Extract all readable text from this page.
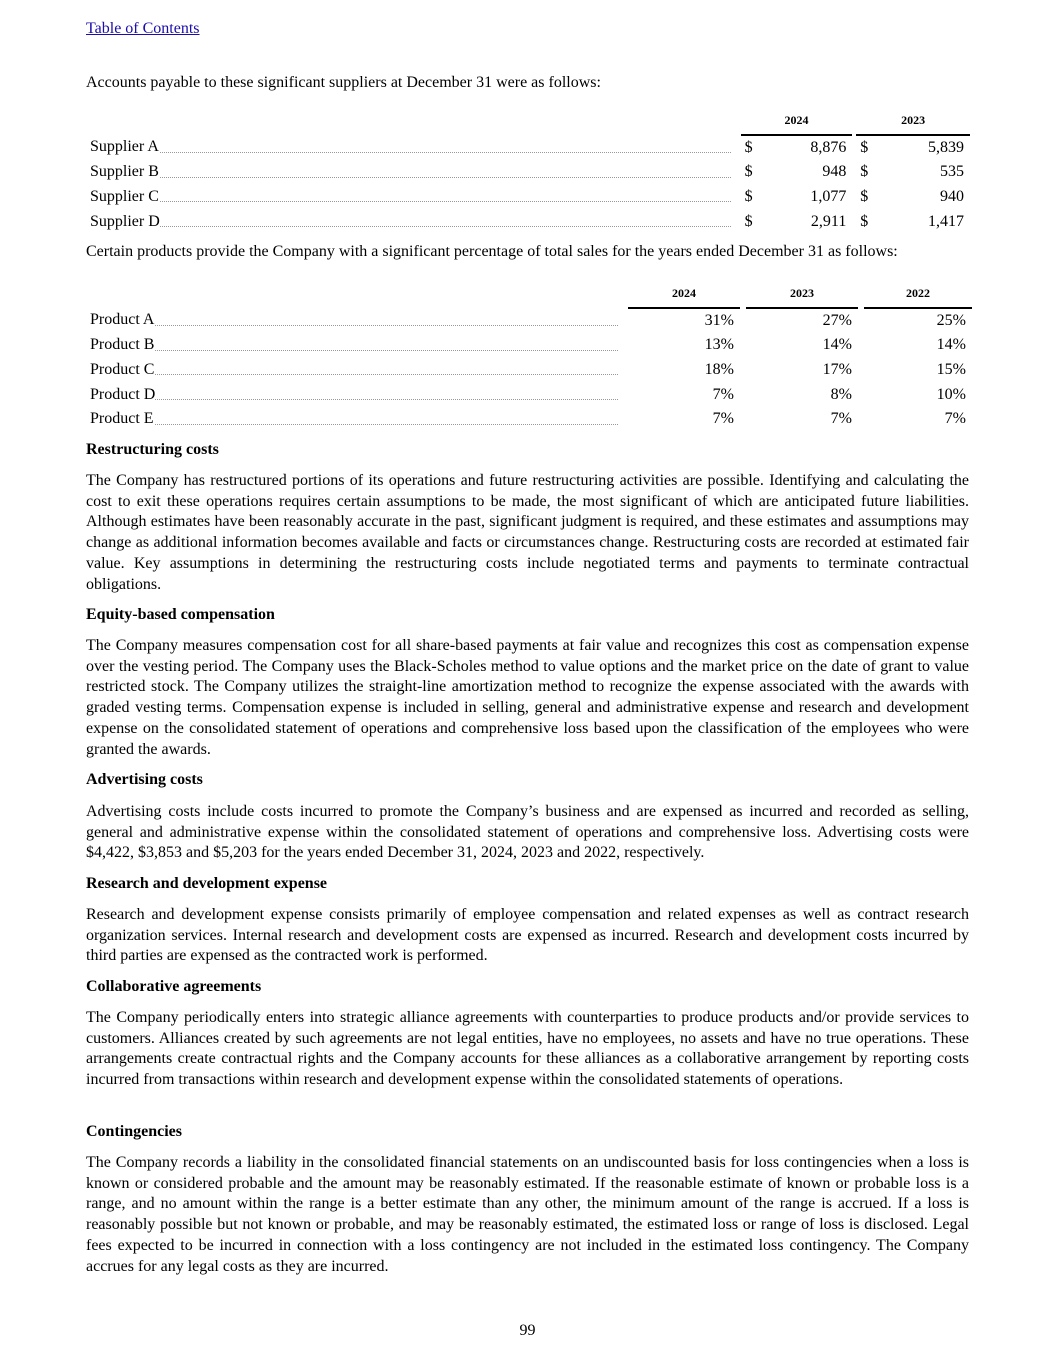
Table of Contents
Accounts payable to these significant suppliers at December 31 were as follows:
		2024			2023	

Supplier A		$	8,876		$	5,839

Supplier B		$	948		$	535

Supplier C		$	1,077		$	940

Supplier D		$	2,911		$	1,417
Certain products provide the Company with a significant percentage of total sales for the years ended December 31 as follows:
		2024		2023		2022

Product A		31%		27%		25%

Product B		13%		14%		14%

Product C		18%		17%		15%

Product D		7%		8%		10%

Product E		7%		7%		7%
Restructuring costs

The Company has restructured portions of its operations and future restructuring activities are possible. Identifying and calculating the cost to exit these operations requires certain assumptions to be made, the most significant of which are anticipated future liabilities. Although estimates have been reasonably accurate in the past, significant judgment is required, and these estimates and assumptions may change as additional information becomes available and facts or circumstances change. Restructuring costs are recorded at estimated fair value. Key assumptions in determining the restructuring costs include negotiated terms and payments to terminate contractual obligations.

Equity-based compensation

The Company measures compensation cost for all share-based payments at fair value and recognizes this cost as compensation expense over the vesting period. The Company uses the Black-Scholes method to value options and the market price on the date of grant to value restricted stock. The Company utilizes the straight-line amortization method to recognize the expense associated with the awards with graded vesting terms. Compensation expense is included in selling, general and administrative expense and research and development expense on the consolidated statement of operations and comprehensive loss based upon the classification of the employees who were granted the awards.

Advertising costs

Advertising costs include costs incurred to promote the Company’s business and are expensed as incurred and recorded as selling, general and administrative expense within the consolidated statement of operations and comprehensive loss. Advertising costs were $4,422, $3,853 and $5,203 for the years ended December 31, 2024, 2023 and 2022, respectively.

Research and development expense

Research and development expense consists primarily of employee compensation and related expenses as well as contract research organization services. Internal research and development costs are expensed as incurred. Research and development costs incurred by third parties are expensed as the contracted work is performed.

Collaborative agreements

The Company periodically enters into strategic alliance agreements with counterparties to produce products and/or provide services to customers. Alliances created by such agreements are not legal entities, have no employees, no assets and have no true operations. These arrangements create contractual rights and the Company accounts for these alliances as a collaborative arrangement by reporting costs incurred from transactions within research and development expense within the consolidated statements of operations.

Contingencies

The Company records a liability in the consolidated financial statements on an undiscounted basis for loss contingencies when a loss is known or considered probable and the amount may be reasonably estimated. If the reasonable estimate of known or probable loss is a range, and no amount within the range is a better estimate than any other, the minimum amount of the range is accrued. If a loss is reasonably possible but not known or probable, and may be reasonably estimated, the estimated loss or range of loss is disclosed. Legal fees expected to be incurred in connection with a loss contingency are not included in the estimated loss contingency. The Company accrues for any legal costs as they are incurred.

99
